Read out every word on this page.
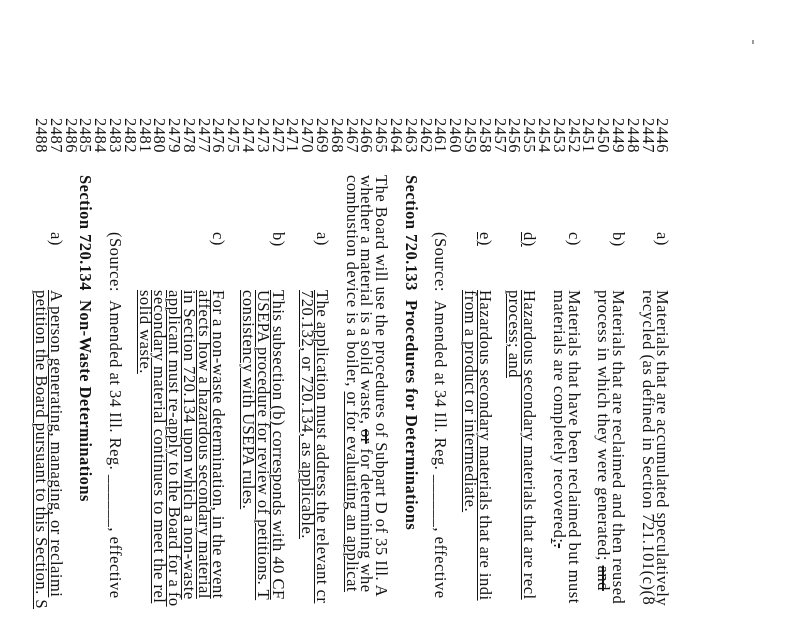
2446
a)
Materials that are accumulated speculatively
2447
recycled (as defined in Section 721.101(c)(8
2448
2449
b)
Materials that are reclaimed and then reused
2450
process in which they were generated; and
2451
2452
c)
Materials that have been reclaimed but must
2453
materials are completely recovered;.
2454
2455
d)
Hazardous secondary materials that are recl
2456
process; and
2457
2458
e)
Hazardous secondary materials that are indi
2459
from a product or intermediate.
2460
2461
(Source:  Amended at 34 Ill. Reg. ______, effective
2462
2463
Section 720.133  Procedures for Determinations
2464
2465
The Board will use the procedures of Subpart D of 35 Ill. A
2466
whether a material is a solid waste, or for determining whe
2467
combustion device is a boiler, or for evaluating an applicat
2468
2469
a)
The application must address the relevant cr
2470
720.132, or 720.134, as applicable.
2471
2472
b)
This subsection (b) corresponds with 40 CF
2473
USEPA procedure for review of petitions. T
2474
consistency with USEPA rules.
2475
2476
c)
For a non-waste determination, in the event
2477
affects how a hazardous secondary material
2478
in Section 720.134 upon which a non-waste
2479
applicant must re-apply to the Board for a fo
2480
secondary material continues to meet the rel
2481
solid waste.
2482
2483
(Source:  Amended at 34 Ill. Reg. ______, effective
2484
2485
Section 720.134  Non-Waste Determinations
2486
2487
a)
A person generating, managing, or reclaimi
2488
petition the Board pursuant to this Section. S
